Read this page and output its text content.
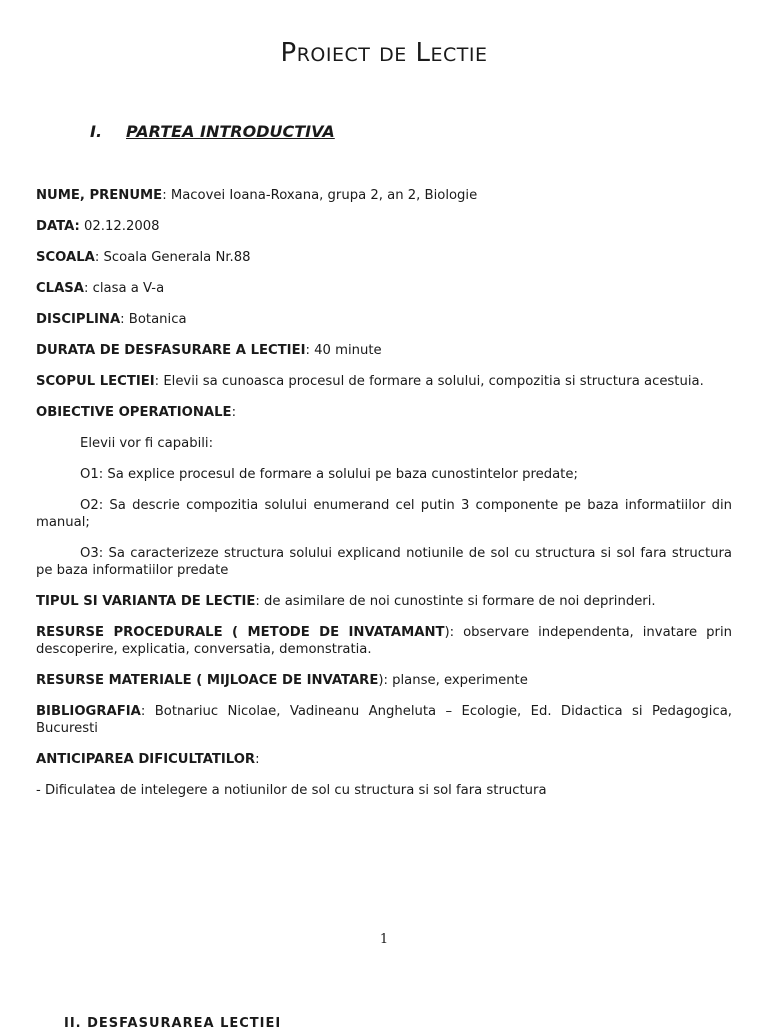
PROIECT DE LECTIE
I. PARTEA INTRODUCTIVA

NUME, PRENUME: Macovei Ioana-Roxana, grupa 2, an 2, Biologie

DATA: 02.12.2008

SCOALA: Scoala Generala Nr.88

CLASA: clasa a V-a

DISCIPLINA: Botanica

DURATA DE DESFASURARE A LECTIEI: 40 minute

SCOPUL LECTIEI: Elevii sa cunoasca procesul de formare a solului, compozitia si structura acestuia.

OBIECTIVE OPERATIONALE:

Elevii vor fi capabili:

O1: Sa explice procesul de formare a solului pe baza cunostintelor predate;

O2: Sa descrie compozitia solului enumerand cel putin 3 componente pe baza informatiilor din manual;

O3: Sa caracterizeze structura solului explicand notiunile de sol cu structura si sol fara structura pe baza informatiilor predate

TIPUL SI VARIANTA DE LECTIE: de asimilare de noi cunostinte si formare de noi deprinderi.

RESURSE PROCEDURALE ( METODE DE INVATAMANT): observare independenta, invatare prin descoperire, explicatia, conversatia, demonstratia.

RESURSE MATERIALE ( MIJLOACE DE INVATARE): planse, experimente

BIBLIOGRAFIA: Botnariuc Nicolae, Vadineanu Angheluta – Ecologie, Ed. Didactica si Pedagogica, Bucuresti

ANTICIPAREA DIFICULTATILOR:

- Dificulatea de intelegere a notiunilor de sol cu structura si sol fara structura

1
II. DESFASURAREA LECTIEI
